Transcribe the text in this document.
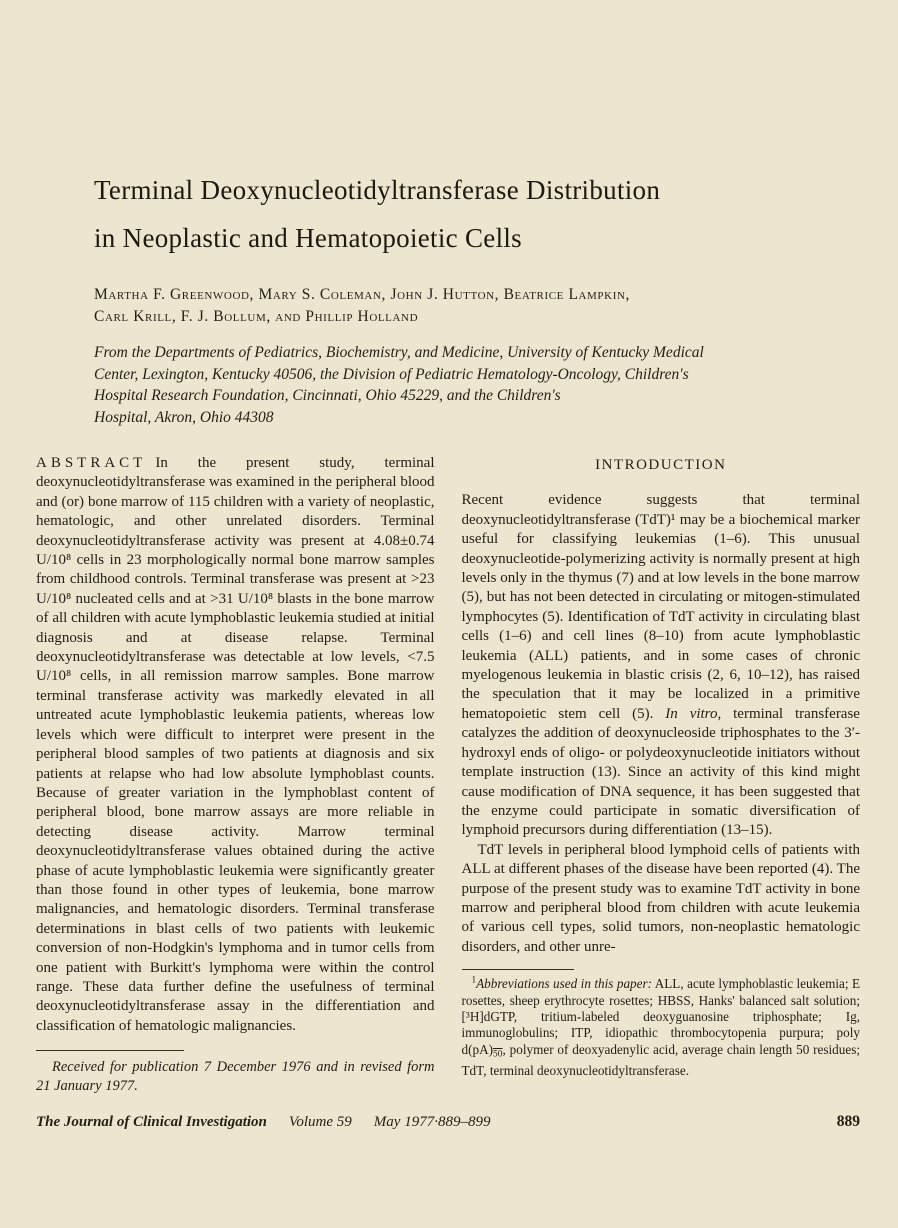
Terminal Deoxynucleotidyltransferase Distribution
in Neoplastic and Hematopoietic Cells

Martha F. Greenwood, Mary S. Coleman, John J. Hutton, Beatrice Lampkin,
Carl Krill, F. J. Bollum, and Phillip Holland

From the Departments of Pediatrics, Biochemistry, and Medicine, University of Kentucky Medical
Center, Lexington, Kentucky 40506, the Division of Pediatric Hematology-Oncology, Children's
Hospital Research Foundation, Cincinnati, Ohio 45229, and the Children's
Hospital, Akron, Ohio 44308

ABSTRACT In the present study, terminal deoxynucleotidyltransferase was examined in the peripheral blood and (or) bone marrow of 115 children with a variety of neoplastic, hematologic, and other unrelated disorders. Terminal deoxynucleotidyltransferase activity was present at 4.08±0.74 U/10⁸ cells in 23 morphologically normal bone marrow samples from childhood controls. Terminal transferase was present at >23 U/10⁸ nucleated cells and at >31 U/10⁸ blasts in the bone marrow of all children with acute lymphoblastic leukemia studied at initial diagnosis and at disease relapse. Terminal deoxynucleotidyltransferase was detectable at low levels, <7.5 U/10⁸ cells, in all remission marrow samples. Bone marrow terminal transferase activity was markedly elevated in all untreated acute lymphoblastic leukemia patients, whereas low levels which were difficult to interpret were present in the peripheral blood samples of two patients at diagnosis and six patients at relapse who had low absolute lymphoblast counts. Because of greater variation in the lymphoblast content of peripheral blood, bone marrow assays are more reliable in detecting disease activity. Marrow terminal deoxynucleotidyltransferase values obtained during the active phase of acute lymphoblastic leukemia were significantly greater than those found in other types of leukemia, bone marrow malignancies, and hematologic disorders. Terminal transferase determinations in blast cells of two patients with leukemic conversion of non-Hodgkin's lymphoma and in tumor cells from one patient with Burkitt's lymphoma were within the control range. These data further define the usefulness of terminal deoxynucleotidyltransferase assay in the differentiation and classification of hematologic malignancies.

Received for publication 7 December 1976 and in revised form 21 January 1977.

INTRODUCTION

Recent evidence suggests that terminal deoxynucleotidyltransferase (TdT)¹ may be a biochemical marker useful for classifying leukemias (1–6). This unusual deoxynucleotide-polymerizing activity is normally present at high levels only in the thymus (7) and at low levels in the bone marrow (5), but has not been detected in circulating or mitogen-stimulated lymphocytes (5). Identification of TdT activity in circulating blast cells (1–6) and cell lines (8–10) from acute lymphoblastic leukemia (ALL) patients, and in some cases of chronic myelogenous leukemia in blastic crisis (2, 6, 10–12), has raised the speculation that it may be localized in a primitive hematopoietic stem cell (5). In vitro, terminal transferase catalyzes the addition of deoxynucleoside triphosphates to the 3′-hydroxyl ends of oligo- or polydeoxynucleotide initiators without template instruction (13). Since an activity of this kind might cause modification of DNA sequence, it has been suggested that the enzyme could participate in somatic diversification of lymphoid precursors during differentiation (13–15).

TdT levels in peripheral blood lymphoid cells of patients with ALL at different phases of the disease have been reported (4). The purpose of the present study was to examine TdT activity in bone marrow and peripheral blood from children with acute leukemia of various cell types, solid tumors, non-neoplastic hematologic disorders, and other unre-

$^1$Abbreviations used in this paper: ALL, acute lymphoblastic leukemia; E rosettes, sheep erythrocyte rosettes; HBSS, Hanks' balanced salt solution; [³H]dGTP, tritium-labeled deoxyguanosine triphosphate; Ig, immunoglobulins; ITP, idiopathic thrombocytopenia purpura; poly d(pA)50, polymer of deoxyadenylic acid, average chain length 50 residues; TdT, terminal deoxynucleotidyltransferase.

The Journal of Clinical Investigation Volume 59 May 1977·889–899	889
